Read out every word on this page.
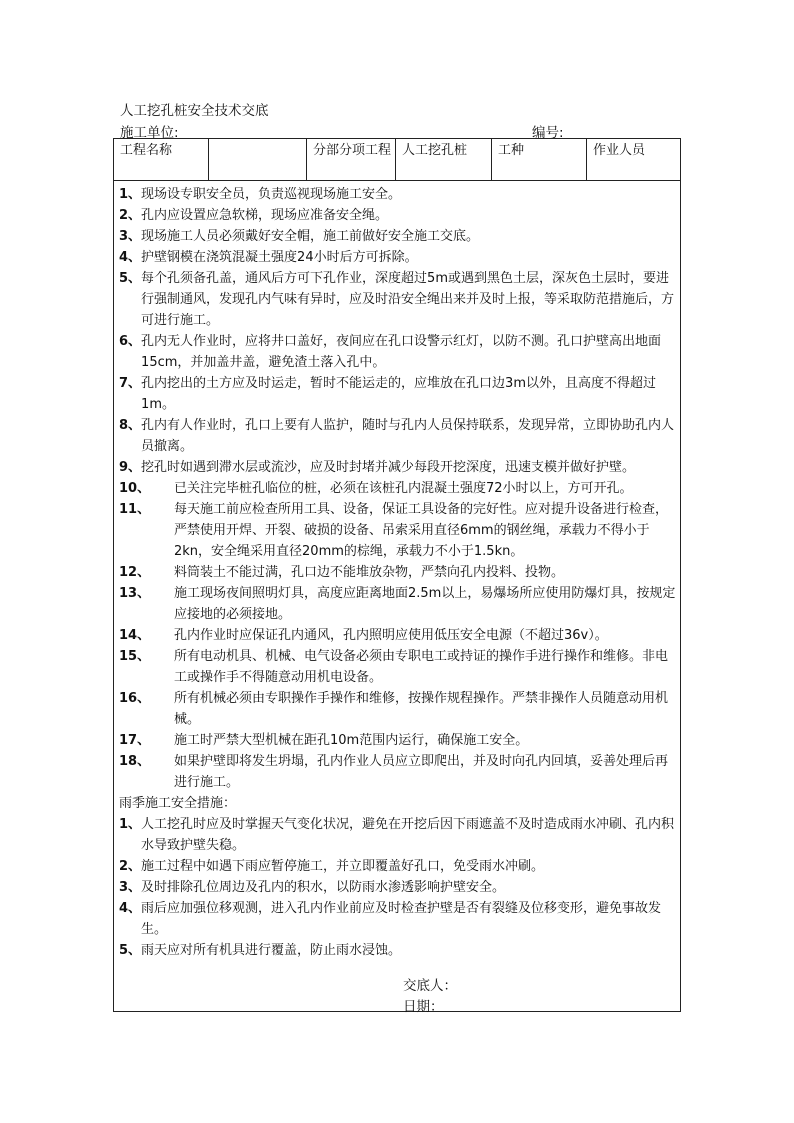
人工挖孔桩安全技术交底
施工单位:	编号:
工程名称	分部分项工程 人工挖孔桩	工种	作业人员
1、 现场设专职安全员，负责巡视现场施工安全。
2、 孔内应设置应急软梯，现场应准备安全绳。
3、 现场施工人员必须戴好安全帽，施工前做好安全施工交底。
4、 护壁钢模在浇筑混凝土强度24小时后方可拆除。
5、 每个孔须备孔盖，通风后方可下孔作业，深度超过5m或遇到黑色土层，深灰色土层时，要进行强制通风，发现孔内气味有异时，应及时沿安全绳出来并及时上报，等采取防范措施后，方可进行施工。
6、 孔内无人作业时，应将井口盖好，夜间应在孔口设警示红灯，以防不测。孔口护壁高出地面15cm，并加盖井盖，避免渣土落入孔中。
7、 孔内挖出的土方应及时运走，暂时不能运走的，应堆放在孔口边3m以外，且高度不得超过1m。
8、 孔内有人作业时，孔口上要有人监护，随时与孔内人员保持联系，发现异常，立即协助孔内人员撤离。
9、 挖孔时如遇到滞水层或流沙，应及时封堵并减少每段开挖深度，迅速支模并做好护壁。
10、	已关注完毕桩孔临位的桩，必须在该桩孔内混凝土强度72小时以上，方可开孔。
11、	每天施工前应检查所用工具、设备，保证工具设备的完好性。应对提升设备进行检查，严禁使用开焊、开裂、破损的设备、吊索采用直径6mm的钢丝绳，承载力不得小于2kn，安全绳采用直径20mm的棕绳，承载力不小于1.5kn。
12、	料筒装土不能过满，孔口边不能堆放杂物，严禁向孔内投料、投物。
13、	施工现场夜间照明灯具，高度应距离地面2.5m以上，易爆场所应使用防爆灯具，按规定应接地的必须接地。
14、	孔内作业时应保证孔内通风，孔内照明应使用低压安全电源（不超过36v）。
15、	所有电动机具、机械、电气设备必须由专职电工或持证的操作手进行操作和维修。非电工或操作手不得随意动用机电设备。
16、	所有机械必须由专职操作手操作和维修，按操作规程操作。严禁非操作人员随意动用机械。
17、	施工时严禁大型机械在距孔10m范围内运行，确保施工安全。
18、	如果护壁即将发生坍塌，孔内作业人员应立即爬出，并及时向孔内回填，妥善处理后再进行施工。
雨季施工安全措施：
1、 人工挖孔时应及时掌握天气变化状况，避免在开挖后因下雨遮盖不及时造成雨水冲刷、孔内积水导致护壁失稳。
2、 施工过程中如遇下雨应暂停施工，并立即覆盖好孔口，免受雨水冲刷。
3、 及时排除孔位周边及孔内的积水，以防雨水渗透影响护壁安全。
4、 雨后应加强位移观测，进入孔内作业前应及时检查护壁是否有裂缝及位移变形，避免事故发生。
5、 雨天应对所有机具进行覆盖，防止雨水浸蚀。
交底人：
日期：
